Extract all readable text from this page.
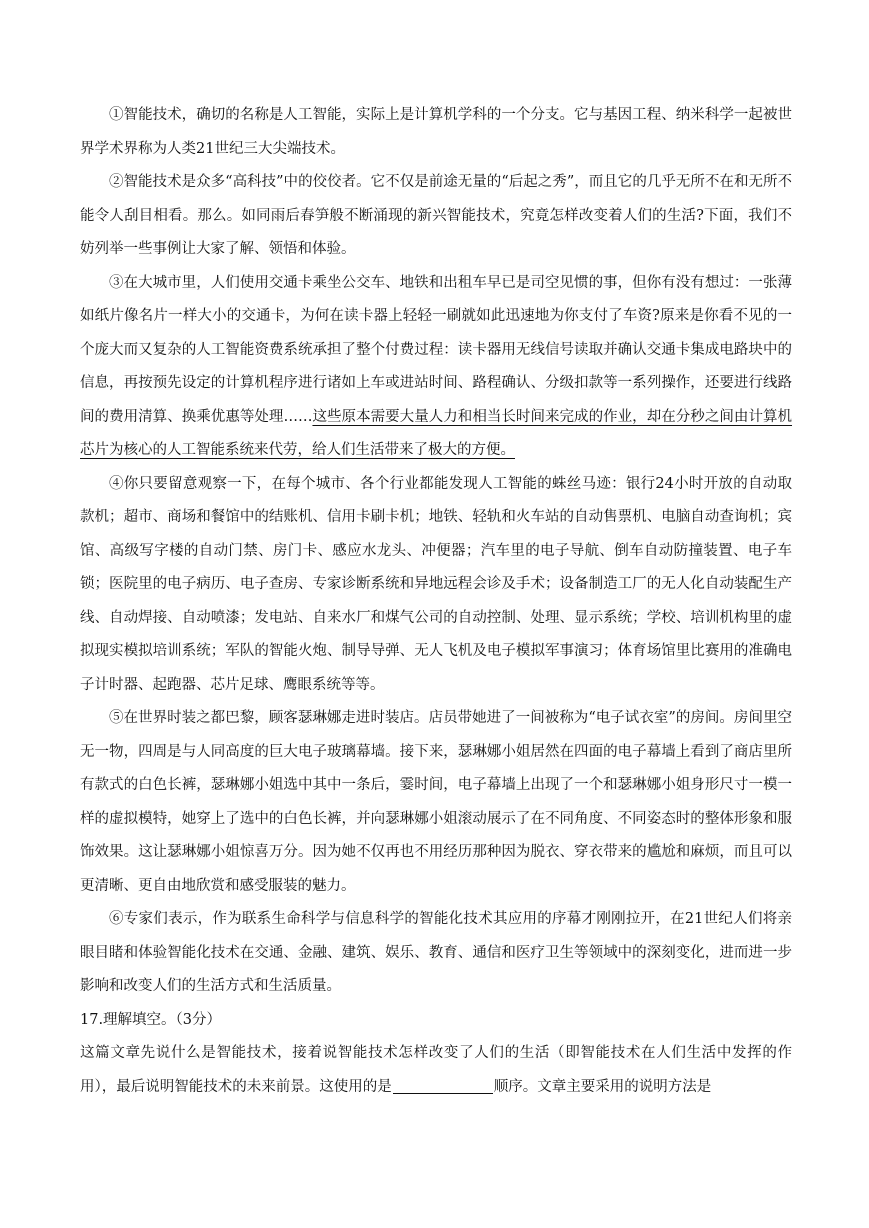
①智能技术，确切的名称是人工智能，实际上是计算机学科的一个分支。它与基因工程、纳米科学一起被世界学术界称为人类21世纪三大尖端技术。

②智能技术是众多“高科技”中的佼佼者。它不仅是前途无量的“后起之秀”，而且它的几乎无所不在和无所不能令人刮目相看。那么。如同雨后春笋般不断涌现的新兴智能技术，究竟怎样改变着人们的生活?下面，我们不妨列举一些事例让大家了解、领悟和体验。

③在大城市里，人们使用交通卡乘坐公交车、地铁和出租车早已是司空见惯的事，但你有没有想过：一张薄如纸片像名片一样大小的交通卡，为何在读卡器上轻轻一刷就如此迅速地为你支付了车资?原来是你看不见的一个庞大而又复杂的人工智能资费系统承担了整个付费过程：读卡器用无线信号读取并确认交通卡集成电路块中的信息，再按预先设定的计算机程序进行诸如上车或进站时间、路程确认、分级扣款等一系列操作，还要进行线路间的费用清算、换乘优惠等处理……这些原本需要大量人力和相当长时间来完成的作业，却在分秒之间由计算机芯片为核心的人工智能系统来代劳，给人们生活带来了极大的方便。

④你只要留意观察一下，在每个城市、各个行业都能发现人工智能的蛛丝马迹：银行24小时开放的自动取款机；超市、商场和餐馆中的结账机、信用卡刷卡机；地铁、轻轨和火车站的自动售票机、电脑自动查询机；宾馆、高级写字楼的自动门禁、房门卡、感应水龙头、冲便器；汽车里的电子导航、倒车自动防撞装置、电子车锁；医院里的电子病历、电子查房、专家诊断系统和异地远程会诊及手术；设备制造工厂的无人化自动装配生产线、自动焊接、自动喷漆；发电站、自来水厂和煤气公司的自动控制、处理、显示系统；学校、培训机构里的虚拟现实模拟培训系统；军队的智能火炮、制导导弹、无人飞机及电子模拟军事演习；体育场馆里比赛用的准确电子计时器、起跑器、芯片足球、鹰眼系统等等。

⑤在世界时装之都巴黎，顾客瑟琳娜走进时装店。店员带她进了一间被称为“电子试衣室”的房间。房间里空无一物，四周是与人同高度的巨大电子玻璃幕墙。接下来，瑟琳娜小姐居然在四面的电子幕墙上看到了商店里所有款式的白色长裤，瑟琳娜小姐选中其中一条后，霎时间，电子幕墙上出现了一个和瑟琳娜小姐身形尺寸一模一样的虚拟模特，她穿上了选中的白色长裤，并向瑟琳娜小姐滚动展示了在不同角度、不同姿态时的整体形象和服饰效果。这让瑟琳娜小姐惊喜万分。因为她不仅再也不用经历那种因为脱衣、穿衣带来的尴尬和麻烦，而且可以更清晰、更自由地欣赏和感受服装的魅力。

⑥专家们表示，作为联系生命科学与信息科学的智能化技术其应用的序幕才刚刚拉开，在21世纪人们将亲眼目睹和体验智能化技术在交通、金融、建筑、娱乐、教育、通信和医疗卫生等领域中的深刻变化，进而进一步影响和改变人们的生活方式和生活质量。

17.理解填空。（3分）

这篇文章先说什么是智能技术，接着说智能技术怎样改变了人们的生活（即智能技术在人们生活中发挥的作用），最后说明智能技术的未来前景。这使用的是	顺序。文章主要采用的说明方法是
